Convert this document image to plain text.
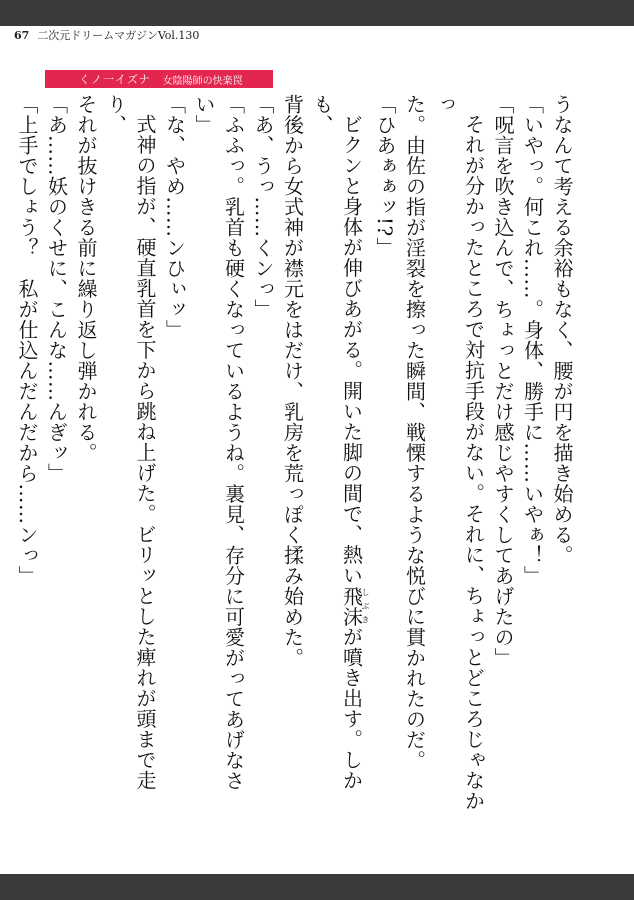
67 二次元ドリームマガジンVol.130
くノ一イズナ 女陰陽師の快楽罠

うなんて考える余裕もなく、腰が円を描き始める。

「いやっ。何これ……。身体、勝手に……いやぁ！」

「呪言を吹き込んで、ちょっとだけ感じやすくしてあげたの」

それが分かったところで対抗手段がない。それに、ちょっとどころじゃなかっ

た。由佐の指が淫裂を擦った瞬間、戦慄するような悦びに貫かれたのだ。

「ひあぁぁッ!?」

ビクンと身体が伸びあがる。開いた脚の間で、熱い飛沫しぶきが噴き出す。しかも、

背後から女式神が襟元をはだけ、乳房を荒っぽく揉み始めた。

「あ、うっ……くンっ」

「ふふっ。乳首も硬くなっているようね。裏見、存分に可愛がってあげなさい」

「な、やめ……ンひぃッ」

式神の指が、硬直乳首を下から跳ね上げた。ビリッとした痺れが頭まで走り、

それが抜けきる前に繰り返し弾かれる。

「あ……妖のくせに、こんな……んぎッ」

「上手でしょう？　私が仕込んだんだから……ンっ」
